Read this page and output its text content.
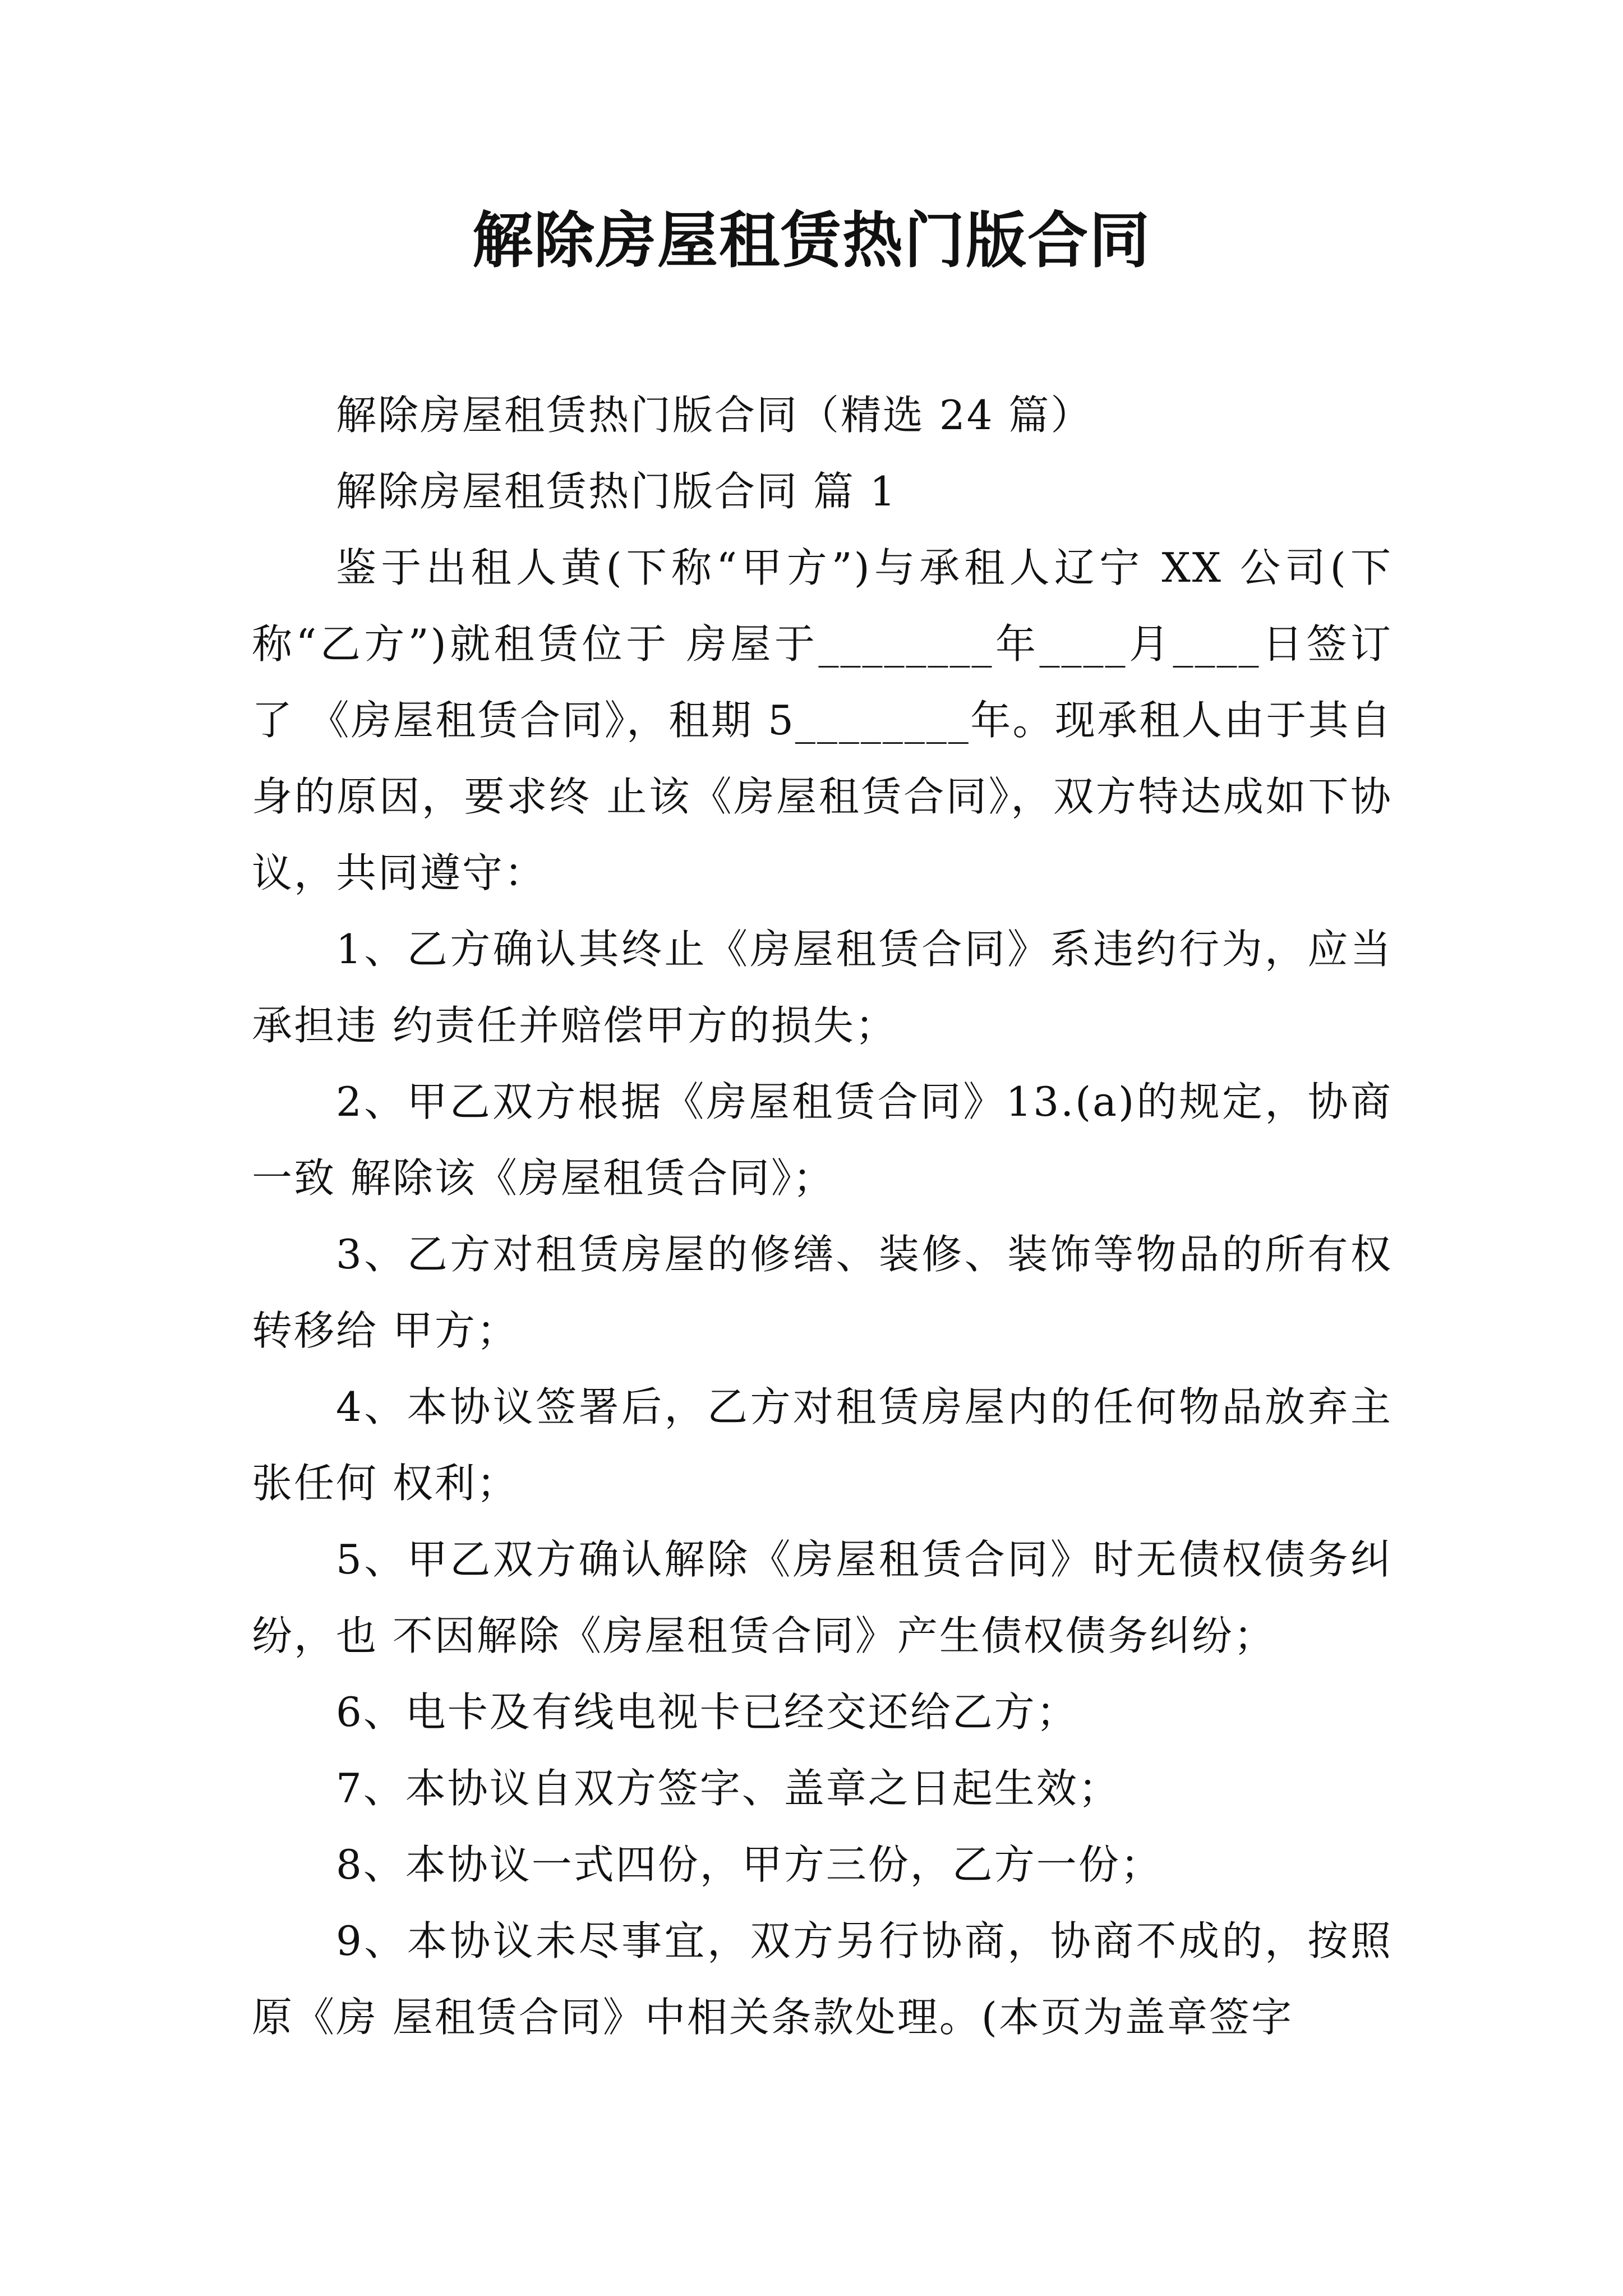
解除房屋租赁热门版合同

解除房屋租赁热门版合同（精选 24 篇）

解除房屋租赁热门版合同 篇 1

鉴于出租人黄(下称“甲方”)与承租人辽宁 XX 公司(下称“乙方”)就租赁位于 房屋于________年____月____日签订了 《房屋租赁合同》，租期 5________年。现承租人由于其自身的原因，要求终 止该《房屋租赁合同》，双方特达成如下协议，共同遵守：

1、乙方确认其终止《房屋租赁合同》系违约行为，应当承担违 约责任并赔偿甲方的损失；

2、甲乙双方根据《房屋租赁合同》13.(a)的规定，协商一致 解除该《房屋租赁合同》；

3、乙方对租赁房屋的修缮、装修、装饰等物品的所有权转移给 甲方；

4、本协议签署后，乙方对租赁房屋内的任何物品放弃主张任何 权利；

5、甲乙双方确认解除《房屋租赁合同》时无债权债务纠纷，也 不因解除《房屋租赁合同》产生债权债务纠纷；

6、电卡及有线电视卡已经交还给乙方；

7、本协议自双方签字、盖章之日起生效；

8、本协议一式四份，甲方三份，乙方一份；

9、本协议未尽事宜，双方另行协商，协商不成的，按照原《房 屋租赁合同》中相关条款处理。(本页为盖章签字
